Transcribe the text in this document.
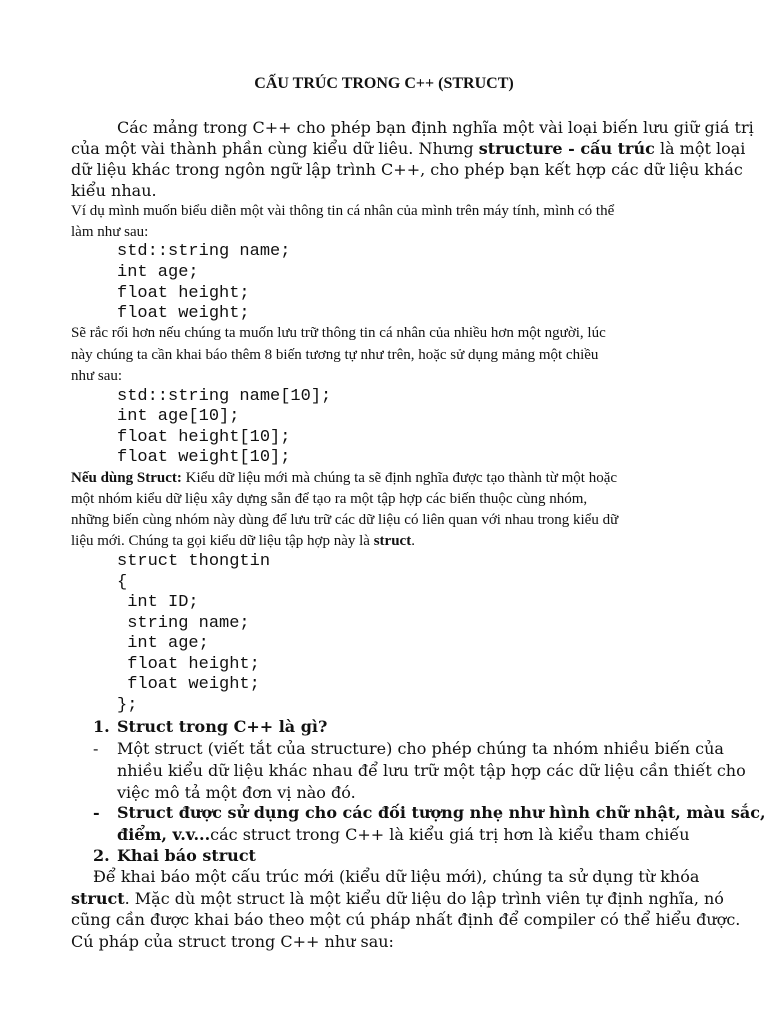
CẤU TRÚC TRONG C++ (STRUCT)
Các mảng trong C++ cho phép bạn định nghĩa một vài loại biến lưu giữ giá trị
của một vài thành phần cùng kiểu dữ liêu. Nhưng structure - cấu trúc là một loại
dữ liệu khác trong ngôn ngữ lập trình C++, cho phép bạn kết hợp các dữ liệu khác
kiểu nhau.
Ví dụ mình muốn biểu diễn một vài thông tin cá nhân của mình trên máy tính, mình có thể
làm như sau:
std::string name;
int age;
float height;
float weight;
Sẽ rắc rối hơn nếu chúng ta muốn lưu trữ thông tin cá nhân của nhiều hơn một người, lúc
này chúng ta cần khai báo thêm 8 biến tương tự như trên, hoặc sử dụng mảng một chiều
như sau:
std::string name[10];
int age[10];
float height[10];
float weight[10];
Nếu dùng Struct: Kiểu dữ liệu mới mà chúng ta sẽ định nghĩa được tạo thành từ một hoặc
một nhóm kiểu dữ liệu xây dựng sẵn để tạo ra một tập hợp các biến thuộc cùng nhóm,
những biến cùng nhóm này dùng để lưu trữ các dữ liệu có liên quan với nhau trong kiểu dữ
liệu mới. Chúng ta gọi kiểu dữ liệu tập hợp này là struct.
struct thongtin
{
int ID;
string name;
int age;
float height;
float weight;
};
1. Struct trong C++ là gì?
- Một struct (viết tắt của structure) cho phép chúng ta nhóm nhiều biến của
nhiều kiểu dữ liệu khác nhau để lưu trữ một tập hợp các dữ liệu cần thiết cho
việc mô tả một đơn vị nào đó.
- Struct được sử dụng cho các đối tượng nhẹ như hình chữ nhật, màu sắc,
điểm, v.v...các struct trong C++ là kiểu giá trị hơn là kiểu tham chiếu
2. Khai báo struct
Để khai báo một cấu trúc mới (kiểu dữ liệu mới), chúng ta sử dụng từ khóa
struct. Mặc dù một struct là một kiểu dữ liệu do lập trình viên tự định nghĩa, nó
cũng cần được khai báo theo một cú pháp nhất định để compiler có thể hiểu được.
Cú pháp của struct trong C++ như sau:
